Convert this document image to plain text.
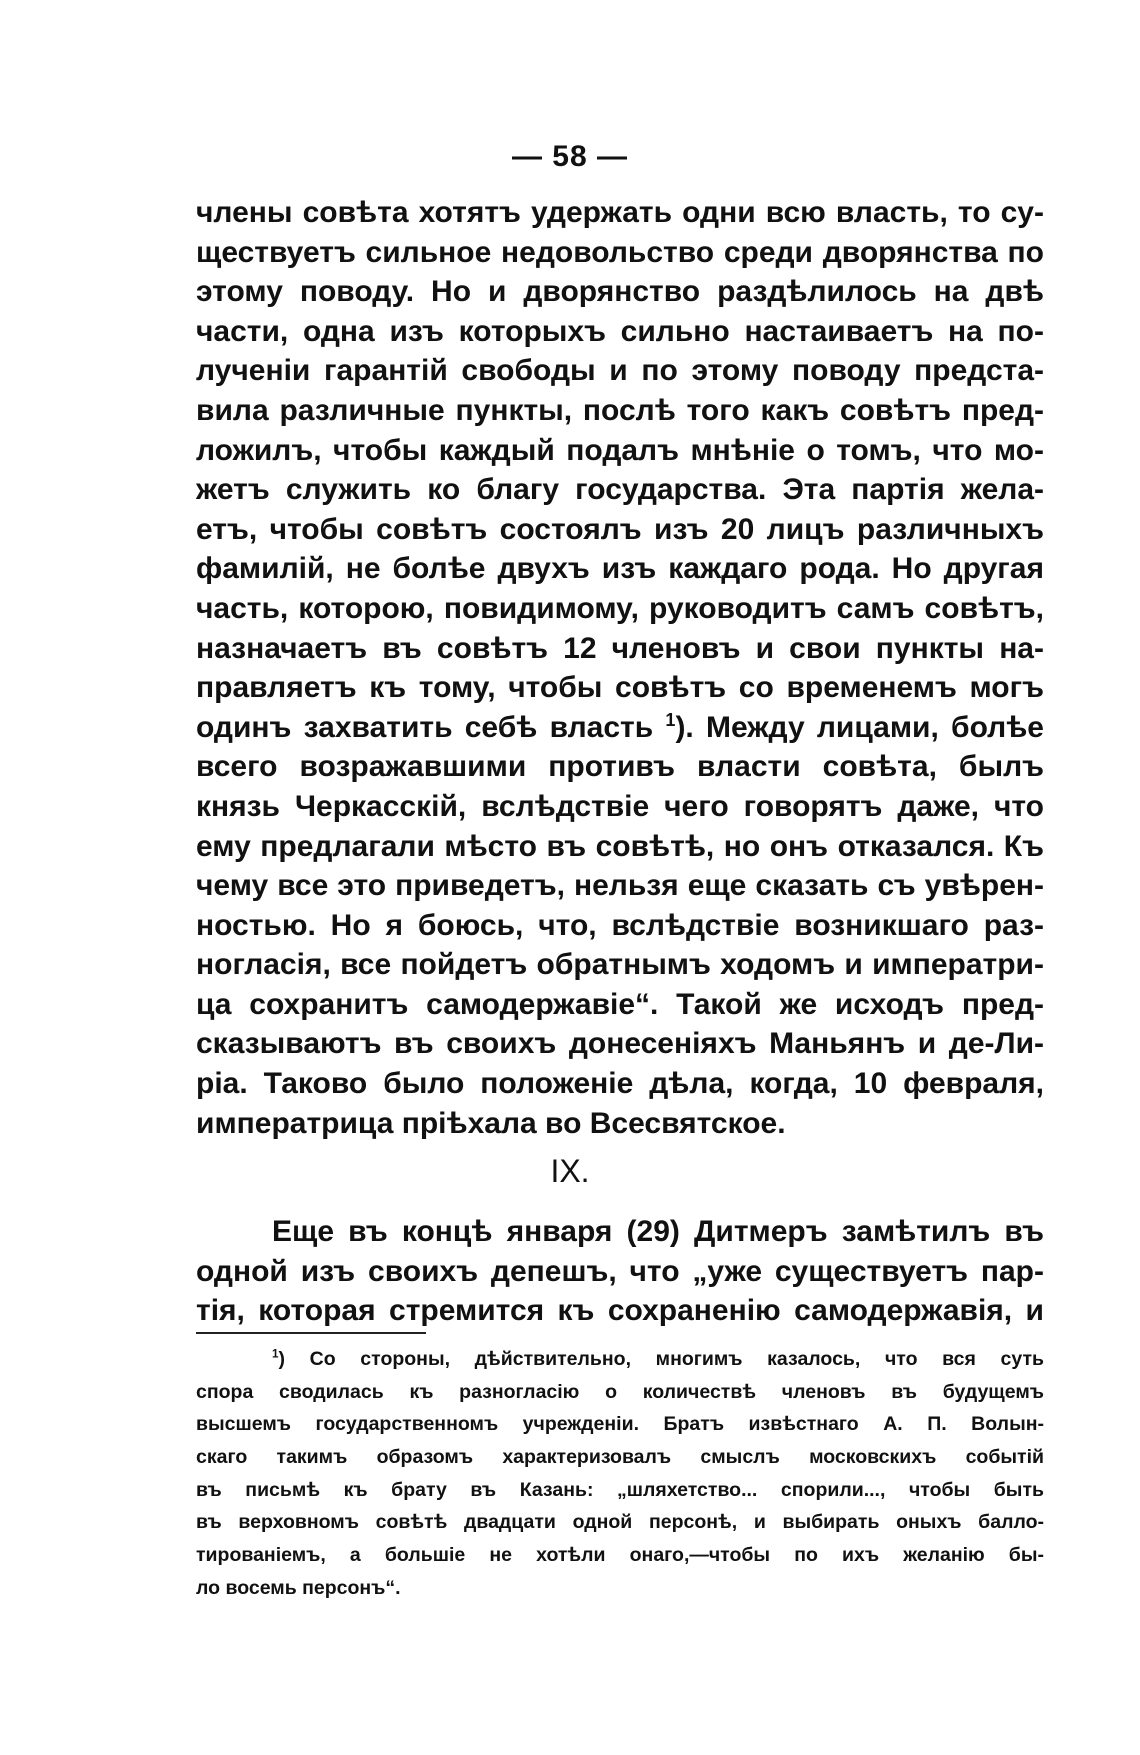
— 58 —
члены совѣта хотятъ удержать одни всю власть, то су-
ществуетъ сильное недовольство среди дворянства по
этому поводу. Но и дворянство раздѣлилось на двѣ
части, одна изъ которыхъ сильно настаиваетъ на по-
лученіи гарантій свободы и по этому поводу предста-
вила различные пункты, послѣ того какъ совѣтъ пред-
ложилъ, чтобы каждый подалъ мнѣніе о томъ, что мо-
жетъ служить ко благу государства. Эта партія жела-
етъ, чтобы совѣтъ состоялъ изъ 20 лицъ различныхъ
фамилій, не болѣе двухъ изъ каждаго рода. Но другая
часть, которою, повидимому, руководитъ самъ совѣтъ,
назначаетъ въ совѣтъ 12 членовъ и свои пункты на-
правляетъ къ тому, чтобы совѣтъ со временемъ могъ
одинъ захватить себѣ власть $^1$). Между лицами, болѣе
всего возражавшими противъ власти совѣта, былъ
князь Черкасскій, вслѣдствіе чего говорятъ даже, что
ему предлагали мѣсто въ совѣтѣ, но онъ отказался. Къ
чему все это приведетъ, нельзя еще сказать съ увѣрен-
ностью. Но я боюсь, что, вслѣдствіе возникшаго раз-
ногласія, все пойдетъ обратнымъ ходомъ и императри-
ца сохранитъ самодержавіе“. Такой же исходъ пред-
сказываютъ въ своихъ донесеніяхъ Маньянъ и де-Ли-
ріа. Таково было положеніе дѣла, когда, 10 февраля,
императрица пріѣхала во Всесвятское.
IX.
Еще въ концѣ января (29) Дитмеръ замѣтилъ въ
одной изъ своихъ депешъ, что „уже существуетъ пар-
тія, которая стремится къ сохраненію самодержавія, и
$^1$) Со стороны, дѣйствительно, многимъ казалось, что вся суть
спора сводилась къ разногласію о количествѣ членовъ въ будущемъ
высшемъ государственномъ учрежденіи. Братъ извѣстнаго А. П. Волын-
скаго такимъ образомъ характеризовалъ смыслъ московскихъ событій
въ письмѣ къ брату въ Казань: „шляхетство... спорили..., чтобы быть
въ верховномъ совѣтѣ двадцати одной персонѣ, и выбирать оныхъ балло-
тированіемъ, а большіе не хотѣли онаго,—чтобы по ихъ желанію бы-
ло восемь персонъ“.
